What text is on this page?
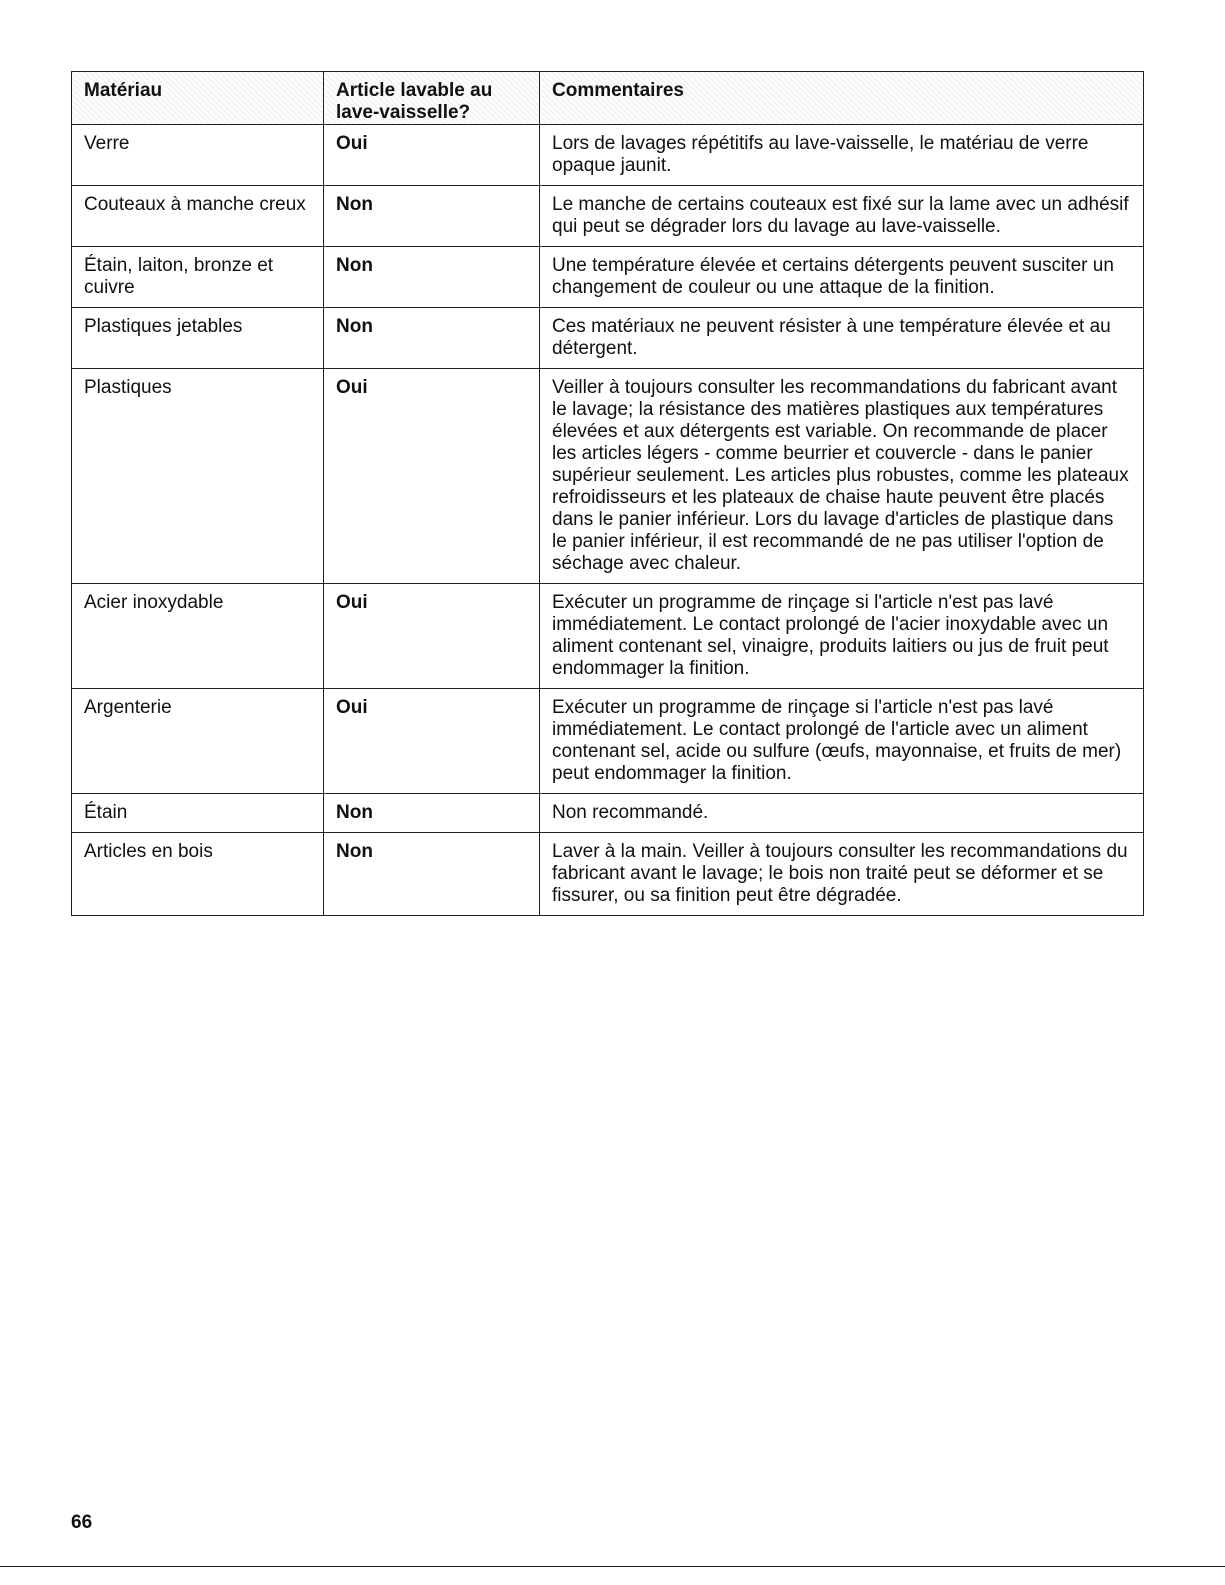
Matériau	Article lavable au lave-vaisselle?	Commentaires
Verre	Oui	Lors de lavages répétitifs au lave-vaisselle, le matériau de verre opaque jaunit.
Couteaux à manche creux	Non	Le manche de certains couteaux est fixé sur la lame avec un adhésif qui peut se dégrader lors du lavage au lave-vaisselle.
Étain, laiton, bronze et cuivre	Non	Une température élevée et certains détergents peuvent susciter un changement de couleur ou une attaque de la finition.
Plastiques jetables	Non	Ces matériaux ne peuvent résister à une température élevée et au détergent.
Plastiques	Oui	Veiller à toujours consulter les recommandations du fabricant avant le lavage; la résistance des matières plastiques aux températures élevées et aux détergents est variable. On recommande de placer les articles légers - comme beurrier et couvercle - dans le panier supérieur seulement. Les articles plus robustes, comme les plateaux refroidisseurs et les plateaux de chaise haute peuvent être placés dans le panier inférieur. Lors du lavage d'articles de plastique dans le panier inférieur, il est recommandé de ne pas utiliser l'option de séchage avec chaleur.
Acier inoxydable	Oui	Exécuter un programme de rinçage si l'article n'est pas lavé immédiatement. Le contact prolongé de l'acier inoxydable avec un aliment contenant sel, vinaigre, produits laitiers ou jus de fruit peut endommager la finition.
Argenterie	Oui	Exécuter un programme de rinçage si l'article n'est pas lavé immédiatement. Le contact prolongé de l'article avec un aliment contenant sel, acide ou sulfure (œufs, mayonnaise, et fruits de mer) peut endommager la finition.
Étain	Non	Non recommandé.
Articles en bois	Non	Laver à la main. Veiller à toujours consulter les recommandations du fabricant avant le lavage; le bois non traité peut se déformer et se fissurer, ou sa finition peut être dégradée.
66
